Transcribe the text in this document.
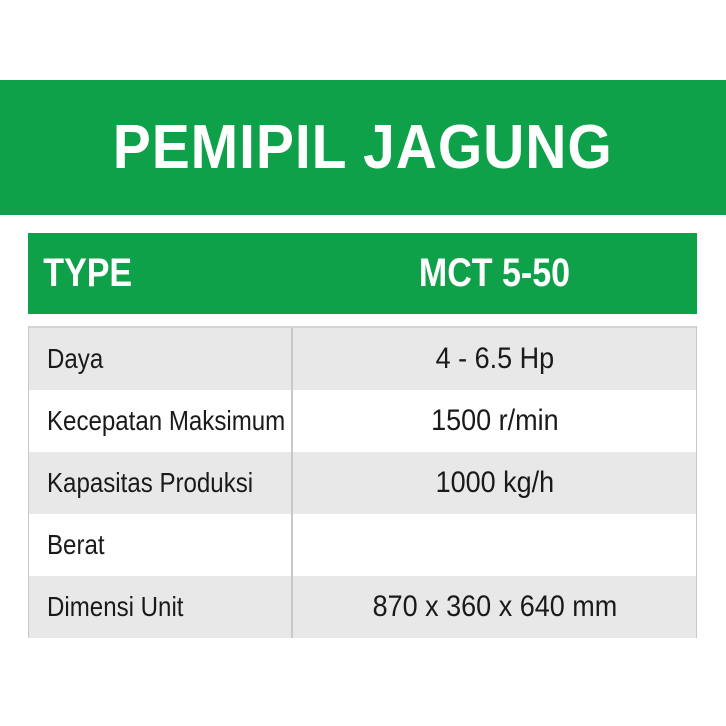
PEMIPIL JAGUNG
TYPE	MCT 5-50
Daya	4 - 6.5 Hp
Kecepatan Maksimum	1500 r/min
Kapasitas Produksi	1000 kg/h
Berat
Dimensi Unit	870 x 360 x 640 mm
